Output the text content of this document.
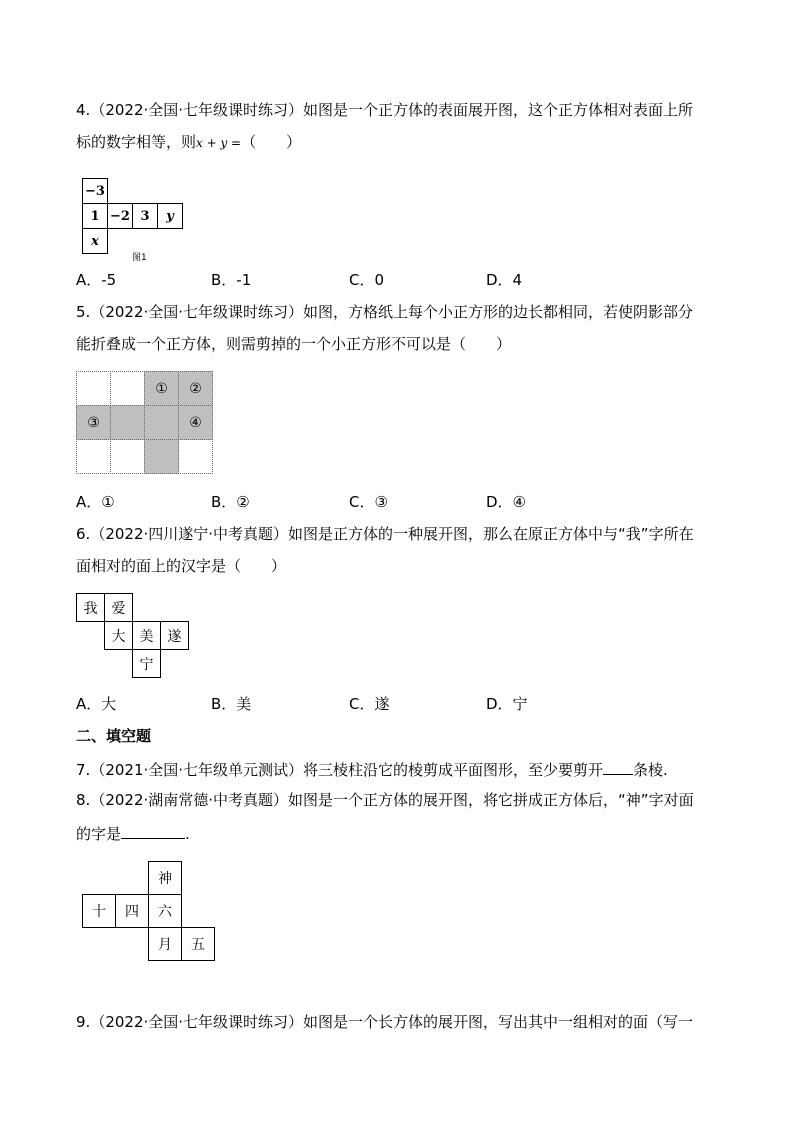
4.（2022·全国·七年级课时练习）如图是一个正方体的表面展开图，这个正方体相对表面上所
标的数字相等，则x + y =（　　）
−3
1 −2 3	y
x
图1
A．-5	B．-1	C．0	D．4
5.（2022·全国·七年级课时练习）如图，方格纸上每个小正方形的边长都相同，若使阴影部分
能折叠成一个正方体，则需剪掉的一个小正方形不可以是（　　）
①	②
③	④
A．①	B．②	C．③	D．④
6.（2022·四川遂宁·中考真题）如图是正方体的一种展开图，那么在原正方体中与“我”字所在
面相对的面上的汉字是（　　）
我	爱
大	美	遂
宁
A．大	B．美	C．遂	D．宁
二、填空题
7.（2021·全国·七年级单元测试）将三棱柱沿它的棱剪成平面图形，至少要剪开 条棱.
8.（2022·湖南常德·中考真题）如图是一个正方体的展开图，将它拼成正方体后，“神”字对面
的字是	.
神
十	四	六
月	五
9.（2022·全国·七年级课时练习）如图是一个长方体的展开图，写出其中一组相对的面（写一
